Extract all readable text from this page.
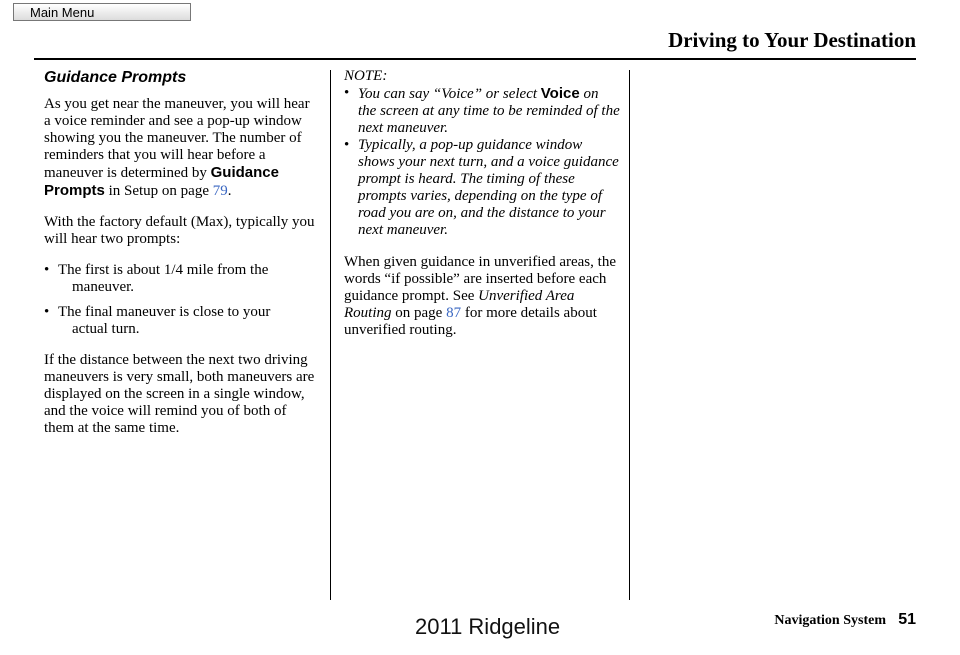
Main Menu
Driving to Your Destination
Guidance Prompts

As you get near the maneuver, you will hear a voice reminder and see a pop-up window showing you the maneuver. The number of reminders that you will hear before a maneuver is determined by Guidance Prompts in Setup on page 79.

With the factory default (Max), typically you will hear two prompts:

• The first is about 1/4 mile from the
maneuver.
• The final maneuver is close to your
actual turn.

If the distance between the next two driving maneuvers is very small, both maneuvers are displayed on the screen in a single window, and the voice will remind you of both of them at the same time.

NOTE:

• You can say “Voice” or select Voice on the screen at any time to be reminded of the next maneuver.
• Typically, a pop-up guidance window shows your next turn, and a voice guidance prompt is heard. The timing of these prompts varies, depending on the type of road you are on, and the distance to your next maneuver.

When given guidance in unverified areas, the words “if possible” are inserted before each guidance prompt. See Unverified Area Routing on page 87 for more details about unverified routing.

Navigation System 51
2011 Ridgeline
